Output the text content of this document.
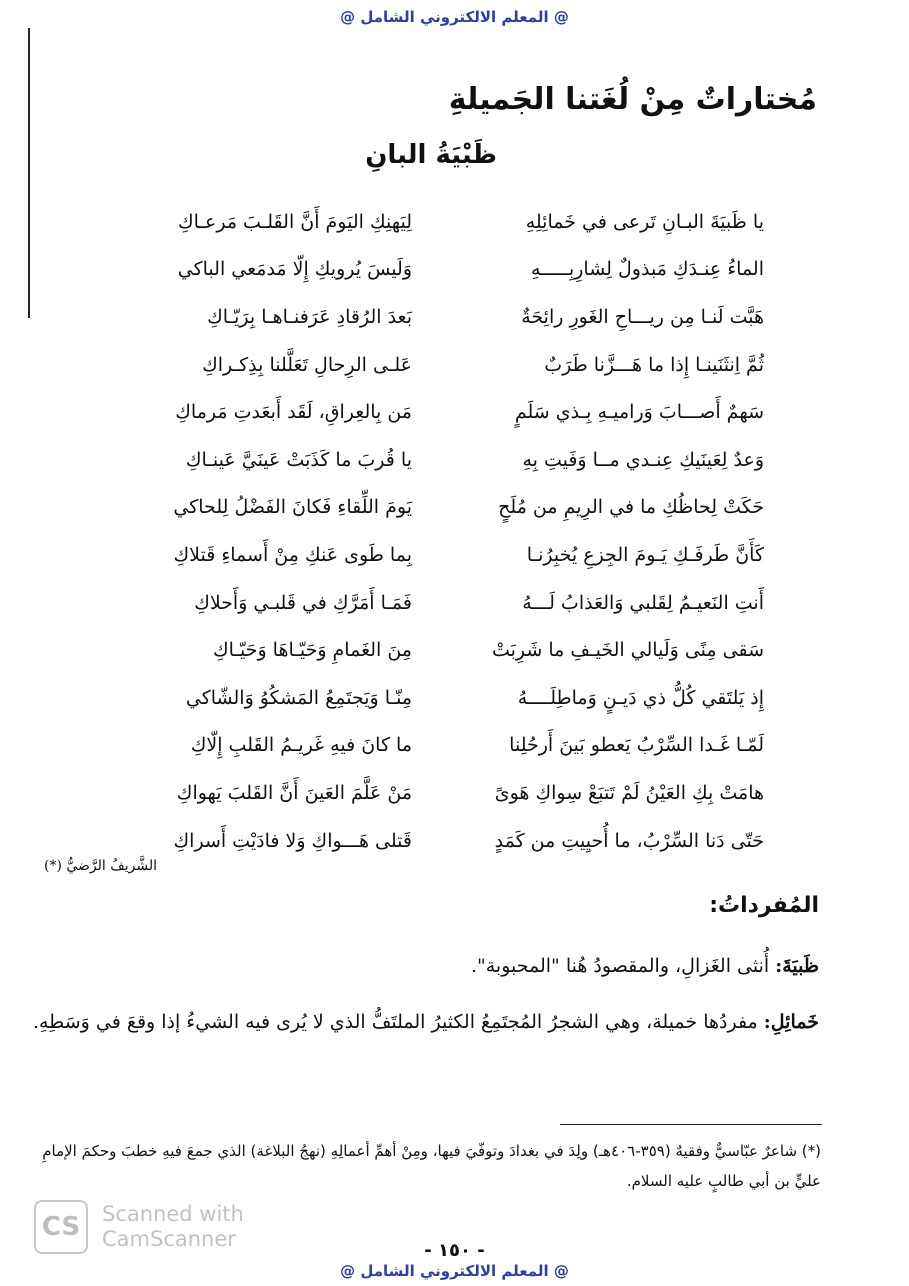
@ المعلم الالكتروني الشامل @
مُختاراتٌ مِنْ لُغَتنا الجَميلةِ
ظَبْيَةُ البانِ
يا ظَبيَةَ البـانِ تَرعى في خَمائِلِهِ
لِيَهنِكِ اليَومَ أَنَّ القَلـبَ مَرعـاكِ
الماءُ عِنـدَكِ مَبذولٌ لِشارِبِـــــهِ
وَلَيسَ يُرويكِ إِلّا مَدمَعي الباكي
هَبَّت لَنـا مِن ريـــاحِ الغَورِ رائِحَةٌ
بَعدَ الرُقادِ عَرَفنـاهـا بِرَيّـاكِ
ثُمَّ اِنثَنَينـا إِذا ما هَـــزَّنا طَرَبٌ
عَلـى الرِحالِ تَعَلَّلنا بِذِكـراكِ
سَهمٌ أَصـــابَ وَراميـهِ بِـذي سَلَمٍ
مَن بِالعِراقِ، لَقَد أَبعَدتِ مَرماكِ
وَعدٌ لِعَينَيكِ عِنـدي مــا وَفَيتِ بِهِ
يا قُربَ ما كَذَبَتْ عَينَيَّ عَينـاكِ
حَكَتْ لِحاظُكِ ما في الرِيمِ من مُلَحٍ
يَومَ اللِّقاءِ فَكانَ الفَضْلُ لِلحاكي
كَأَنَّ طَرفَـكِ يَـومَ الجِزعِ يُخبِرُنـا
بِما طَوى عَنكِ مِنْ أَسماءِ قَتلاكِ
أَنتِ النَعيـمُ لِقَلبي وَالعَذابُ لَـــهُ
فَمَـا أَمَرَّكِ في قَلبـي وَأَحلاكِ
سَقى مِنًى وَلَيالي الخَيـفِ ما شَرِبَتْ
مِنَ الغَمامِ وَحَيّـاهَا وَحَيّـاكِ
إِذ يَلتَقي كُلُّ ذي دَيـنٍ وَماطِلَــــهُ
مِنّـا وَيَجتَمِعُ المَشكُوُ وَالشّاكي
لَمّـا غَـدا السِّرْبُ يَعطو بَينَ أَرحُلِنا
ما كانَ فيهِ غَريـمُ القَلبِ إِلّاكِ
هامَتْ بِكِ العَيْنُ لَمْ تَتبَعْ سِواكِ هَوىً
مَنْ عَلَّمَ العَينَ أَنَّ القَلبَ يَهواكِ
حَتّى دَنا السِّرْبُ، ما أُحيِيتِ من كَمَدٍ
قَتلى هَـــواكِ وَلا فادَيْتِ أَسراكِ
الشَّريفُ الرَّضيُّ (*)
المُفرداتُ:
ظَبيَةَ: أُنثى الغَزالِ، والمقصودُ هُنا "المحبوبة".
خَمائِلِ: مفردُها خميلة، وهي الشجرُ المُجتَمِعُ الكثيرُ الملتَفُّ الذي لا يُرى فيه الشيءُ إذا وقعَ في وَسَطِهِ.
(*) شاعرٌ عبّاسيٌّ وفقيهٌ (٣٥٩-٤٠٦هـ) ولِدَ في بغدادَ وتوفّيَ فيها، ومِنْ أهمِّ أعمالِهِ (نهجُ البلاغة) الذي جمعَ فيهِ خطبَ وحكمَ الإمامِ عليٍّ بن أبي طالبٍ عليه السلام.
CS	Scanned with
CamScanner	- ١٥٠ -
@ المعلم الالكتروني الشامل @
